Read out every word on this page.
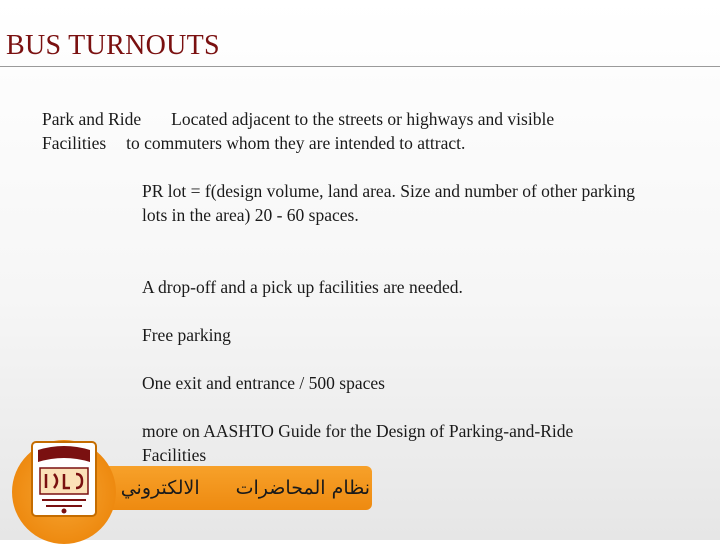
BUS TURNOUTS
Park and Ride Located adjacent to the streets or highways and visible
Facilities to commuters whom they are intended to attract.
PR lot = f(design volume, land area. Size and number of other parking lots in the area) 20 - 60 spaces.
A drop-off and a pick up facilities are needed.
Free parking
One exit and entrance / 500 spaces
more on AASHTO Guide for the Design of Parking-and-Ride Facilities
نظام المحاضراتالالكتروني
